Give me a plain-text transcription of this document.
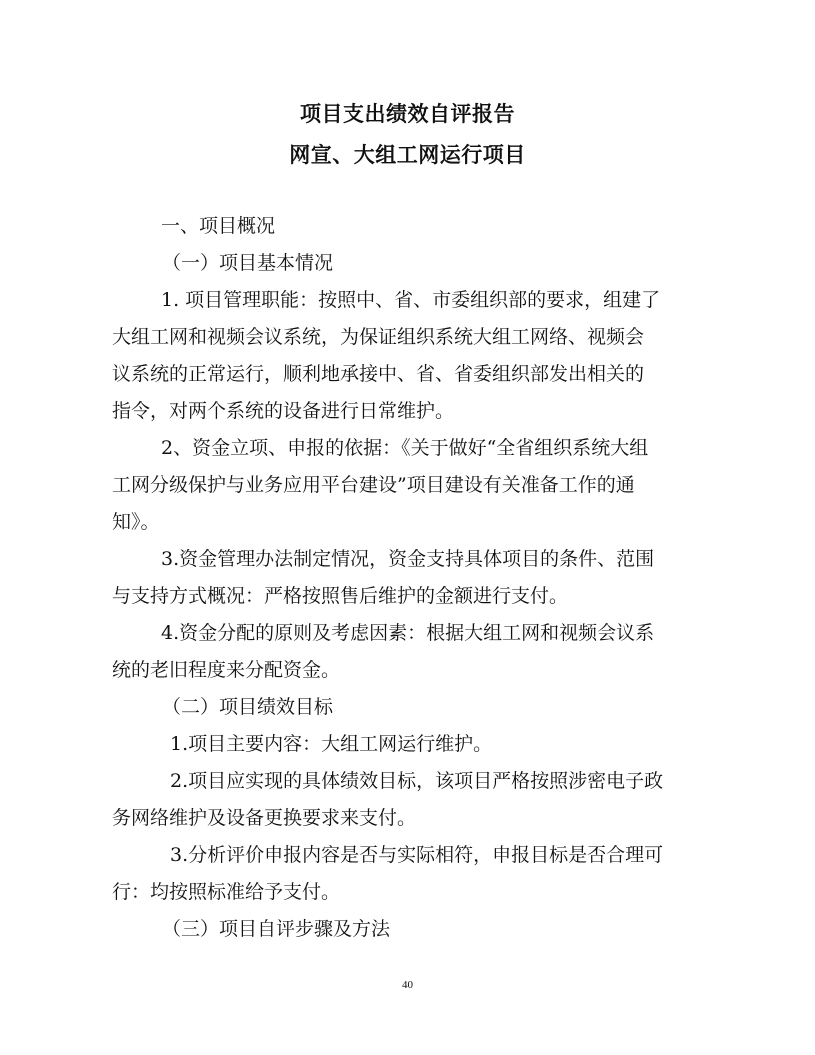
项目支出绩效自评报告
网宣、大组工网运行项目
一、项目概况
（一）项目基本情况
1. 项目管理职能：按照中、省、市委组织部的要求，组建了
大组工网和视频会议系统，为保证组织系统大组工网络、视频会
议系统的正常运行，顺利地承接中、省、省委组织部发出相关的
指令，对两个系统的设备进行日常维护。
2、资金立项、申报的依据：《关于做好“全省组织系统大组
工网分级保护与业务应用平台建设”项目建设有关准备工作的通
知》。
3.资金管理办法制定情况，资金支持具体项目的条件、范围
与支持方式概况：严格按照售后维护的金额进行支付。
4.资金分配的原则及考虑因素：根据大组工网和视频会议系
统的老旧程度来分配资金。
（二）项目绩效目标
1.项目主要内容：大组工网运行维护。
2.项目应实现的具体绩效目标，该项目严格按照涉密电子政
务网络维护及设备更换要求来支付。
3.分析评价申报内容是否与实际相符，申报目标是否合理可
行：均按照标准给予支付。
40
（三）项目自评步骤及方法
